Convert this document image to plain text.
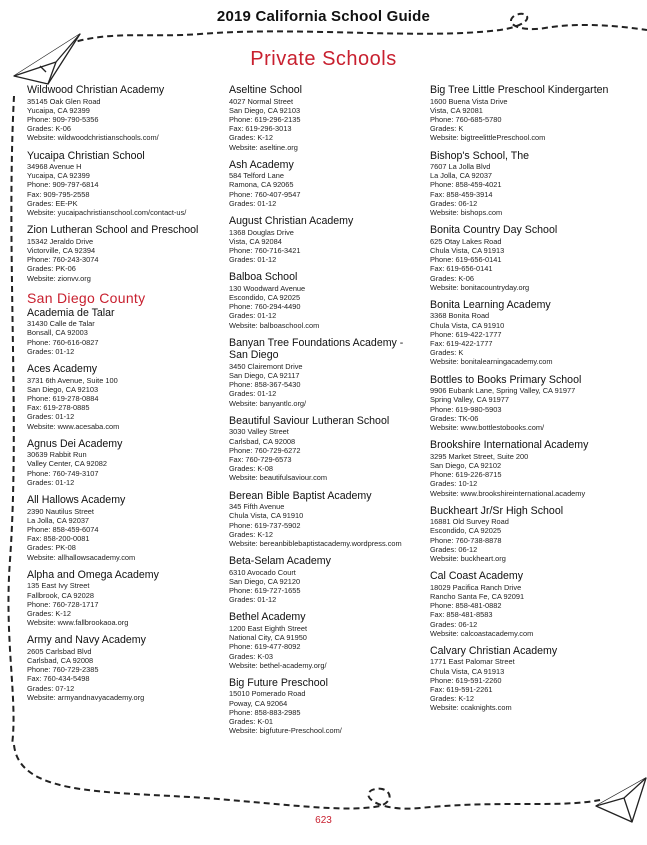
2019 California School Guide
Private Schools
Wildwood Christian Academy
35145 Oak Glen Road
Yucaipa, CA 92399
Phone: 909-790-5356
Grades: K-06
Website: wildwoodchristianschools.com/
Yucaipa Christian School
34968 Avenue H
Yucaipa, CA 92399
Phone: 909-797-6814
Fax: 909-795-2558
Grades: EE-PK
Website: yucaipachristianschool.com/contact-us/
Zion Lutheran School and Preschool
15342 Jeraldo Drive
Victorville, CA 92394
Phone: 760-243-3074
Grades: PK-06
Website: zionvv.org
San Diego County
Academia de Talar
31430 Calle de Talar
Bonsall, CA 92003
Phone: 760-616-0827
Grades: 01-12
Aces Academy
3731 6th Avenue, Suite 100
San Diego, CA 92103
Phone: 619-278-0884
Fax: 619-278-0885
Grades: 01-12
Website: www.acesaba.com
Agnus Dei Academy
30639 Rabbit Run
Valley Center, CA 92082
Phone: 760-749-3107
Grades: 01-12
All Hallows Academy
2390 Nautilus Street
La Jolla, CA 92037
Phone: 858-459-6074
Fax: 858-200-0081
Grades: PK-08
Website: allhallowsacademy.com
Alpha and Omega Academy
135 East Ivy Street
Fallbrook, CA 92028
Phone: 760-728-1717
Grades: K-12
Website: www.fallbrookaoa.org
Army and Navy Academy
2605 Carlsbad Blvd
Carlsbad, CA 92008
Phone: 760-729-2385
Fax: 760-434-5498
Grades: 07-12
Website: armyandnavyacademy.org
Aseltine School
4027 Normal Street
San Diego, CA 92103
Phone: 619-296-2135
Fax: 619-296-3013
Grades: K-12
Website: aseltine.org
Ash Academy
584 Telford Lane
Ramona, CA 92065
Phone: 760-407-9547
Grades: 01-12
August Christian Academy
1368 Douglas Drive
Vista, CA 92084
Phone: 760-716-3421
Grades: 01-12
Balboa School
130 Woodward Avenue
Escondido, CA 92025
Phone: 760-294-4490
Grades: 01-12
Website: balboaschool.com
Banyan Tree Foundations Academy - San Diego
3450 Clairemont Drive
San Diego, CA 92117
Phone: 858-367-5430
Grades: 01-12
Website: banyantlc.org/
Beautiful Saviour Lutheran School
3030 Valley Street
Carlsbad, CA 92008
Phone: 760-729-6272
Fax: 760-729-6573
Grades: K-08
Website: beautifulsaviour.com
Berean Bible Baptist Academy
345 Fifth Avenue
Chula Vista, CA 91910
Phone: 619-737-5902
Grades: K-12
Website: bereanbiblebaptistacademy.wordpress.com
Beta-Selam Academy
6310 Avocado Court
San Diego, CA 92120
Phone: 619-727-1655
Grades: 01-12
Bethel Academy
1200 East Eighth Street
National City, CA 91950
Phone: 619-477-8092
Grades: K-03
Website: bethel-academy.org/
Big Future Preschool
15010 Pomerado Road
Poway, CA 92064
Phone: 858-883-2985
Grades: K-01
Website: bigfuture-Preschool.com/
Big Tree Little Preschool Kindergarten
1600 Buena Vista Drive
Vista, CA 92081
Phone: 760-685-5780
Grades: K
Website: bigtreelittlePreschool.com
Bishop's School, The
7607 La Jolla Blvd
La Jolla, CA 92037
Phone: 858-459-4021
Fax: 858-459-3914
Grades: 06-12
Website: bishops.com
Bonita Country Day School
625 Otay Lakes Road
Chula Vista, CA 91913
Phone: 619-656-0141
Fax: 619-656-0141
Grades: K-06
Website: bonitacountryday.org
Bonita Learning Academy
3368 Bonita Road
Chula Vista, CA 91910
Phone: 619-422-1777
Fax: 619-422-1777
Grades: K
Website: bonitalearningacademy.com
Bottles to Books Primary School
9906 Eubank Lane, Spring Valley, CA 91977
Spring Valley, CA 91977
Phone: 619-980-5903
Grades: TK-06
Website: www.bottlestobooks.com/
Brookshire International Academy
3295 Market Street, Suite 200
San Diego, CA 92102
Phone: 619-226-8715
Grades: 10-12
Website: www.brookshireinternational.academy
Buckheart Jr/Sr High School
16881 Old Survey Road
Escondido, CA 92025
Phone: 760-738-8878
Grades: 06-12
Website: buckheart.org
Cal Coast Academy
18029 Pacifica Ranch Drive
Rancho Santa Fe, CA 92091
Phone: 858-481-0882
Fax: 858-481-8583
Grades: 06-12
Website: calcoastacademy.com
Calvary Christian Academy
1771 East Palomar Street
Chula Vista, CA 91913
Phone: 619-591-2260
Fax: 619-591-2261
Grades: K-12
Website: ccaknights.com
623
